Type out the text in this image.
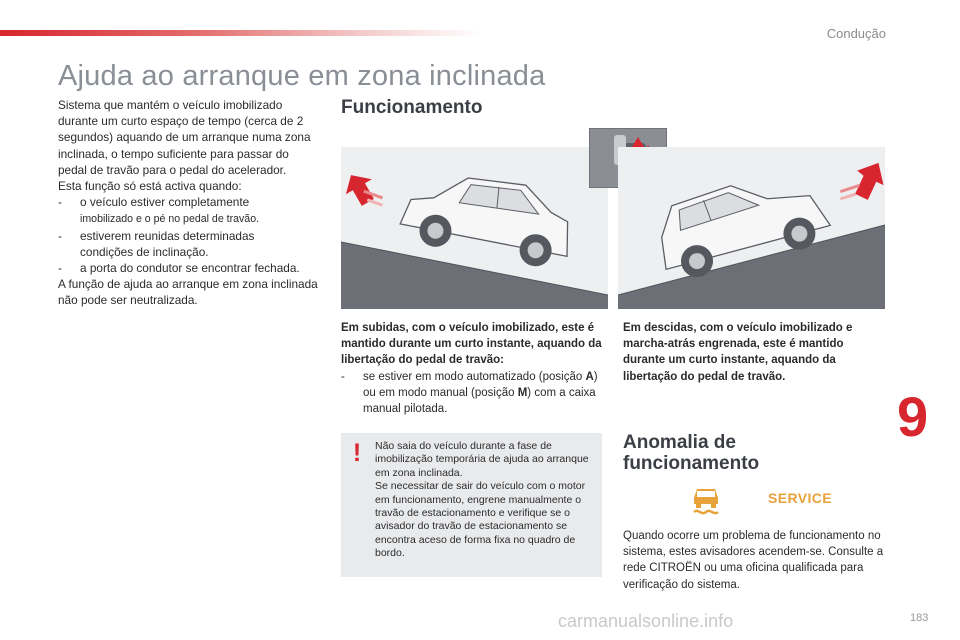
Condução
Ajuda ao arranque em zona inclinada

Sistema que mantém o veículo imobilizado durante um curto espaço de tempo (cerca de 2 segundos) aquando de um arranque numa zona inclinada, o tempo suficiente para passar do pedal de travão para o pedal do acelerador.

Esta função só está activa quando:

-	o veículo estiver completamente
imobilizado e o pé no pedal de travão.
-	estiverem reunidas determinadas
condições de inclinação.
-	a porta do condutor se encontrar fechada.

A função de ajuda ao arranque em zona inclinada não pode ser neutralizada.

Funcionamento
Em subidas, com o veículo imobilizado, este é mantido durante um curto instante, aquando da libertação do pedal de travão:
-	se estiver em modo automatizado (posição A) ou em modo manual (posição M) com a caixa manual pilotada.
Em descidas, com o veículo imobilizado e marcha-atrás engrenada, este é mantido durante um curto instante, aquando da libertação do pedal de travão.
! Não saia do veículo durante a fase de imobilização temporária de ajuda ao arranque em zona inclinada.

Se necessitar de sair do veículo com o motor em funcionamento, engrene manualmente o travão de estacionamento e verifique se o avisador do travão de estacionamento se encontra aceso de forma fixa no quadro de bordo.

Anomalia de funcionamento
SERVICE
Quando ocorre um problema de funcionamento no sistema, estes avisadores acendem-se. Consulte a rede CITROËN ou uma oficina qualificada para verificação do sistema.
9
carmanualsonline.info	183
